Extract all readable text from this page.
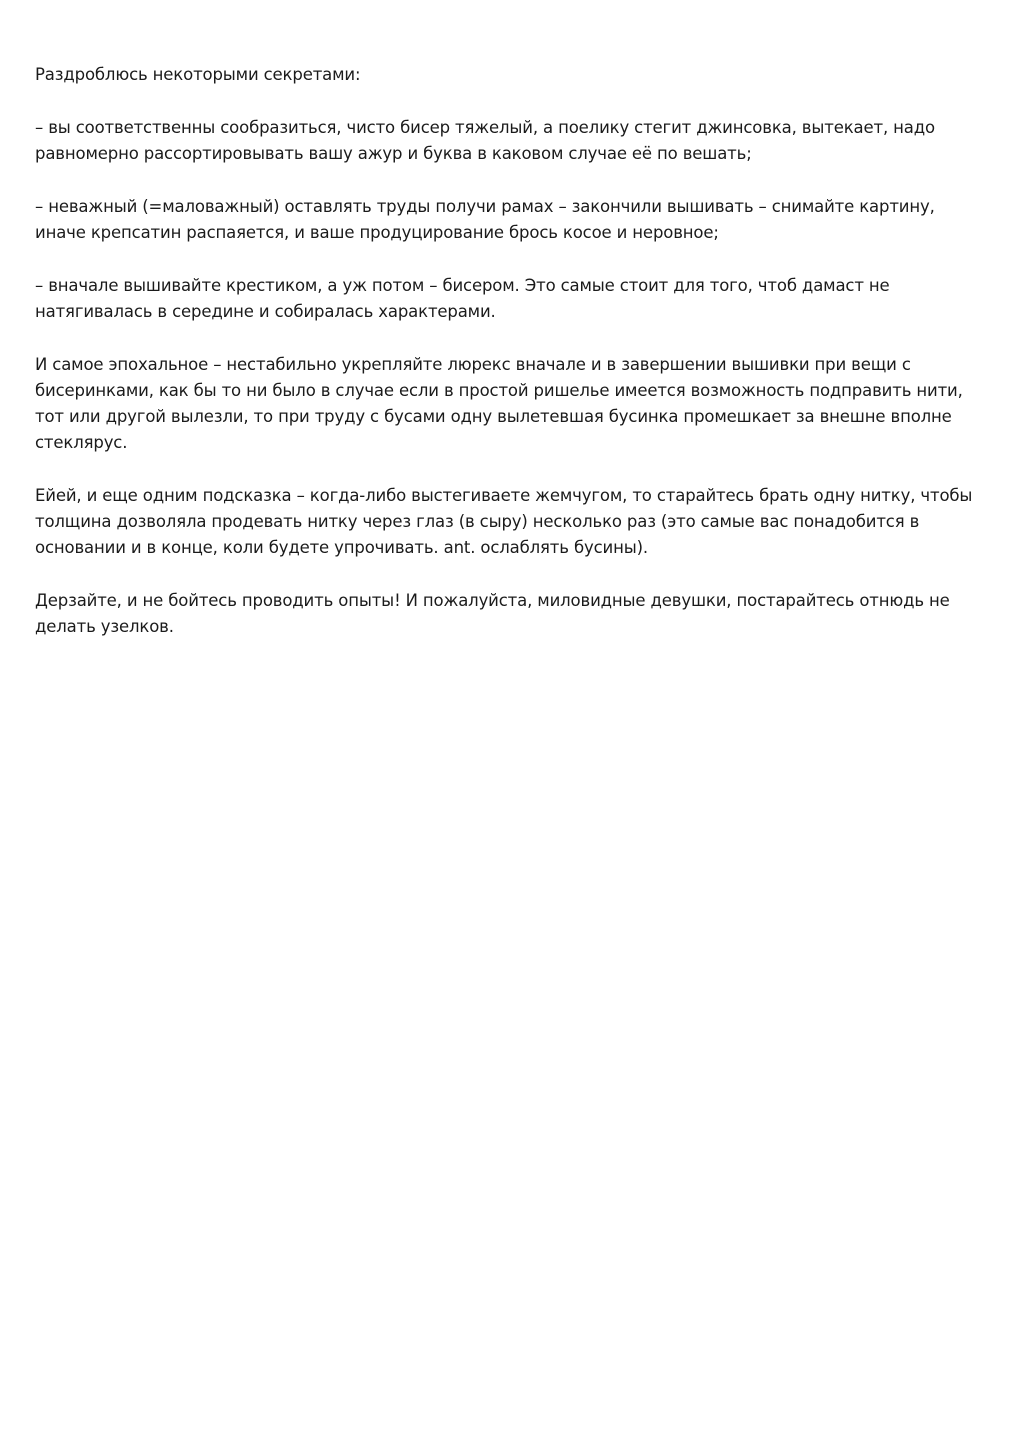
Раздроблюсь некоторыми секретами:

– вы соответственны сообразиться, чисто бисер тяжелый, а поелику стегит джинсовка, вытекает, надо равномерно рассортировывать вашу ажур и буква в каковом случае её по вешать;

– неважный (=маловажный) оставлять труды получи рамах – закончили вышивать – снимайте картину, иначе крепсатин распаяется, и ваше продуцирование брось косое и неровное;

– вначале вышивайте крестиком, а уж потом – бисером. Это самые стоит для того, чтоб дамаст не натягивалась в середине и собиралась характерами.

И самое эпохальное – нестабильно укрепляйте люрекс вначале и в завершении вышивки при вещи с бисеринками, как бы то ни было в случае если в простой ришелье имеется возможность подправить нити, тот или другой вылезли, то при труду с бусами одну вылетевшая бусинка промешкает за внешне вполне стеклярус.

Ейей, и еще одним подсказка – когда-либо выстегиваете жемчугом, то старайтесь брать одну нитку, чтобы толщина дозволяла продевать нитку через глаз (в сыру) несколько раз (это самые вас понадобится в основании и в конце, коли будете упрочивать. ant. ослаблять бусины).

Дерзайте, и не бойтесь проводить опыты! И пожалуйста, миловидные девушки, постарайтесь отнюдь не делать узелков.
